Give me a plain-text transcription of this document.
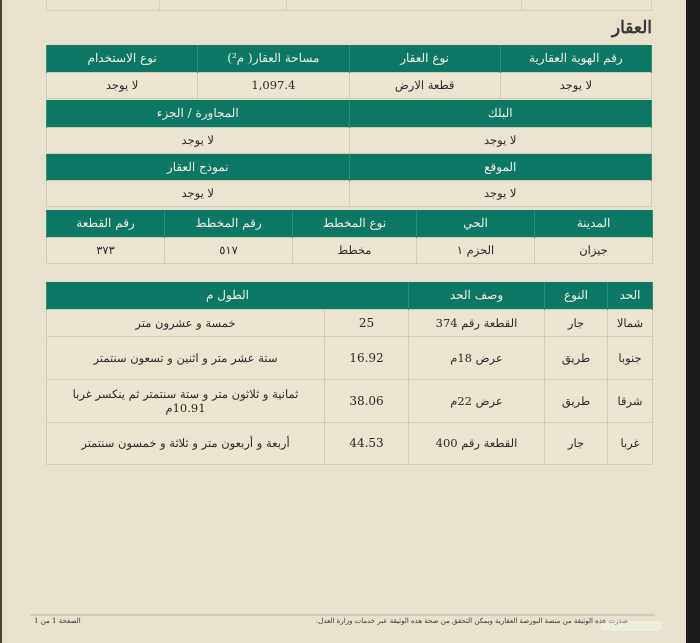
العقار
رقم الهوية العقارية	نوع العقار	مساحة العقار( م²)	نوع الاستخدام
لا يوجد	قطعة الارض	1,097.4	لا يوجد
البلك	المجاورة / الجزء
لا يوجد	لا يوجد
الموقع	نموذج العقار
لا يوجد	لا يوجد
المدينة	الحي	نوع المخطط	رقم المخطط	رقم القطعة
جيزان	الحزم ١	مخطط	٥١٧	٣٧٣
الحد	النوع	وصف الحد	الطول م	
شمالا	جار	القطعة رقم 374	25	خمسة و عشرون متر
جنوبا	طريق	عرض 18م	16.92	ستة عشر متر و اثنين و تسعون سنتمتر
شرقا	طريق	عرض 22م	38.06	ثمانية و ثلاثون متر و ستة سنتمتر ثم ينكسر غربا 10.91م
غربا	جار	القطعة رقم 400	44.53	أربعة و أربعون متر و ثلاثة و خمسون سنتمتر
صدرت هذه الوثيقة من منصة البورصة العقارية ويمكن التحقق من صحة هذه الوثيقة عبر خدمات وزارة العدل.
الصفحة 1 من 1
